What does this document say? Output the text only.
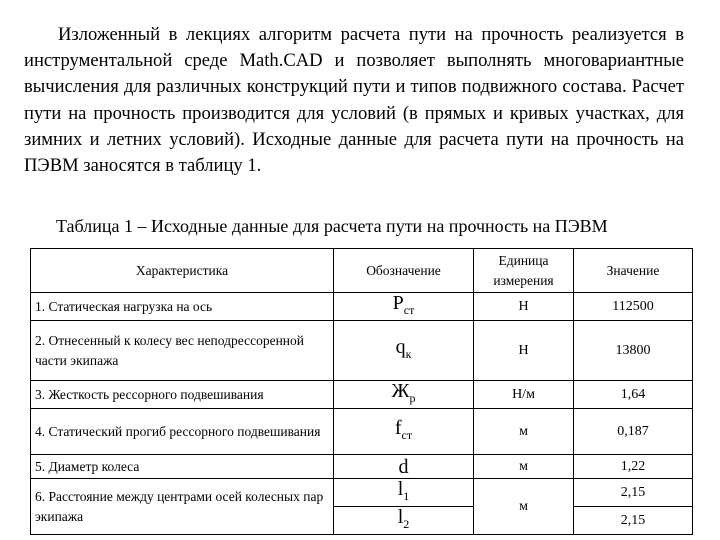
Изложенный в лекциях алгоритм расчета пути на прочность реализуется в инструментальной среде Math.CAD и позволяет выполнять многовариантные вычисления для различных конструкций пути и типов подвижного состава. Расчет пути на прочность производится для условий (в прямых и кривых участках, для зимних и летних условий). Исходные данные для расчета пути на прочность на ПЭВМ заносятся в таблицу 1.

Таблица 1 – Исходные данные для расчета пути на прочность на ПЭВМ

Характеристика	Обозначение	Единица измерения	Значение
1. Статическая нагрузка на ось	$P_{ст}$	Н	112500
2. Отнесенный к колесу вес неподрессоренной части экипажа	$q_к$	Н	13800
3. Жесткость рессорного подвешивания	$Ж_р$	Н/м	1,64
4. Статический прогиб рессорного подвешивания	$f_{ст}$	м	0,187
5. Диаметр колеса	d	м	1,22
6. Расстояние между центрами осей колесных пар экипажа	$l_1$	м	2,15
	$l_2$		2,15
